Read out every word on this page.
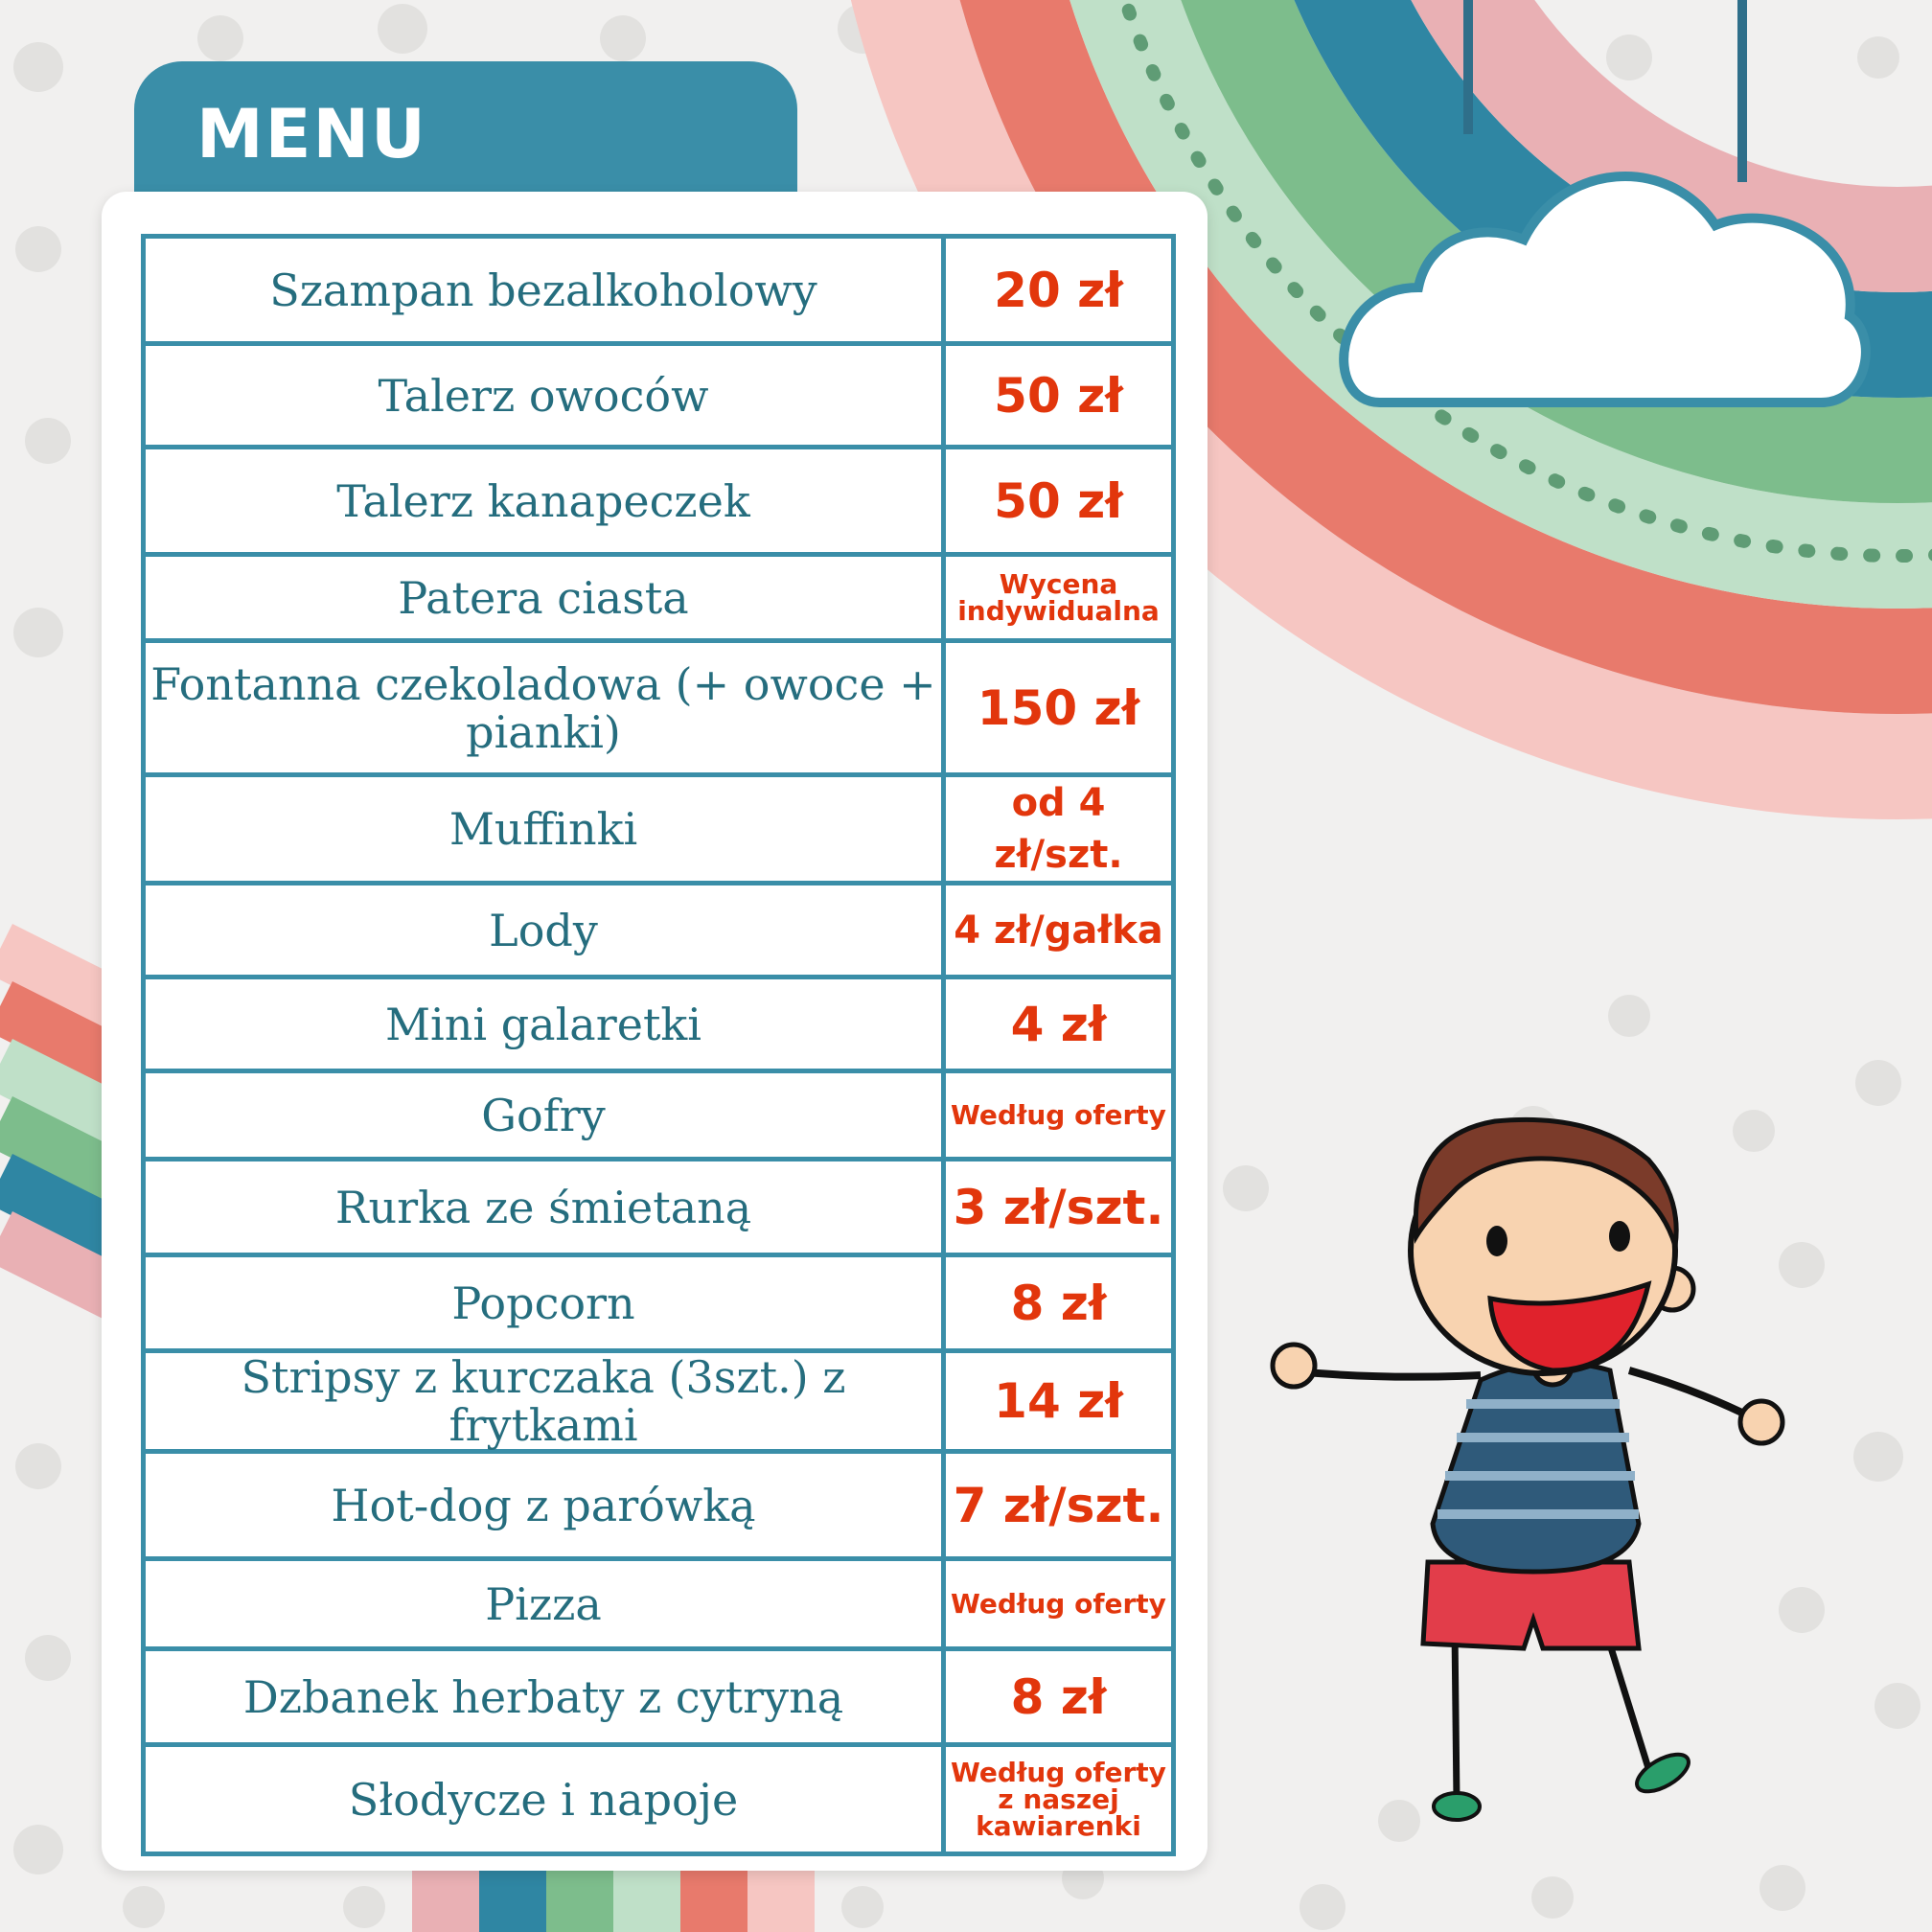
MENU
Szampan bezalkoholowy	20 zł
Talerz owoców	50 zł
Talerz kanapeczek	50 zł
Patera ciasta	Wycena indywidualna
Fontanna czekoladowa (+ owoce + pianki)	150 zł
Muffinki	od 4 zł/szt.
Lody	4 zł/gałka
Mini galaretki	4 zł
Gofry	Według oferty
Rurka ze śmietaną	3 zł/szt.
Popcorn	8 zł
Stripsy z kurczaka (3szt.) z frytkami	14 zł
Hot-dog z parówką	7 zł/szt.
Pizza	Według oferty
Dzbanek herbaty z cytryną	8 zł
Słodycze i napoje	Według oferty z naszej kawiarenki
